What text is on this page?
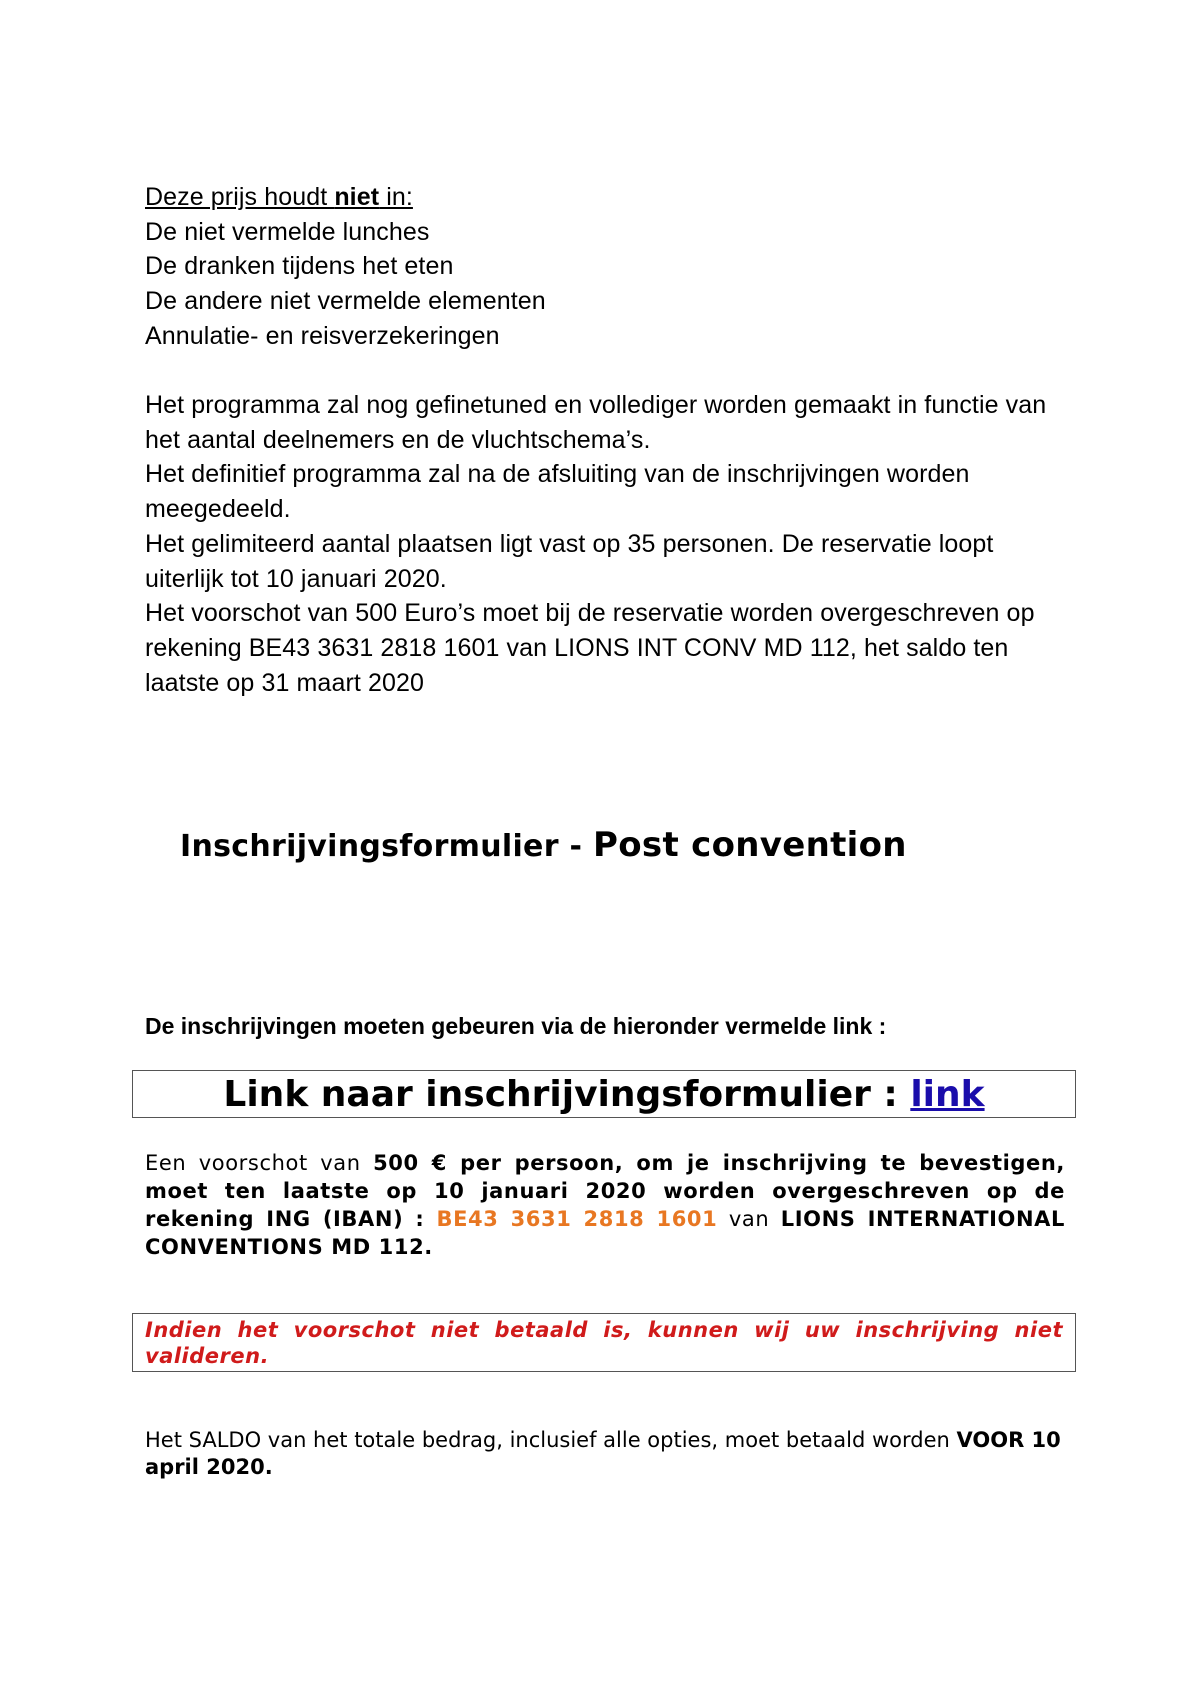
Deze prijs houdt niet in:
De niet vermelde lunches
De dranken tijdens het eten
De andere niet vermelde elementen
Annulatie- en reisverzekeringen

Het programma zal nog gefinetuned en vollediger worden gemaakt in functie van het aantal deelnemers en de vluchtschema’s.

Het definitief programma zal na de afsluiting van de inschrijvingen worden meegedeeld.

Het gelimiteerd aantal plaatsen ligt vast op 35 personen. De reservatie loopt uiterlijk tot 10 januari 2020.

Het voorschot van 500 Euro’s moet bij de reservatie worden overgeschreven op rekening BE43 3631 2818 1601 van LIONS INT CONV MD 112, het saldo ten laatste op 31 maart 2020

Inschrijvingsformulier - Post convention
De inschrijvingen moeten gebeuren via de hieronder vermelde link :
Link naar inschrijvingsformulier : link
Een voorschot van 500 € per persoon, om je inschrijving te bevestigen, moet ten laatste op 10 januari 2020 worden overgeschreven op de rekening ING (IBAN) : BE43 3631 2818 1601 van LIONS INTERNATIONAL CONVENTIONS MD 112.
Indien het voorschot niet betaald is, kunnen wij uw inschrijving niet valideren.
Het SALDO van het totale bedrag, inclusief alle opties, moet betaald worden VOOR 10 april 2020.
